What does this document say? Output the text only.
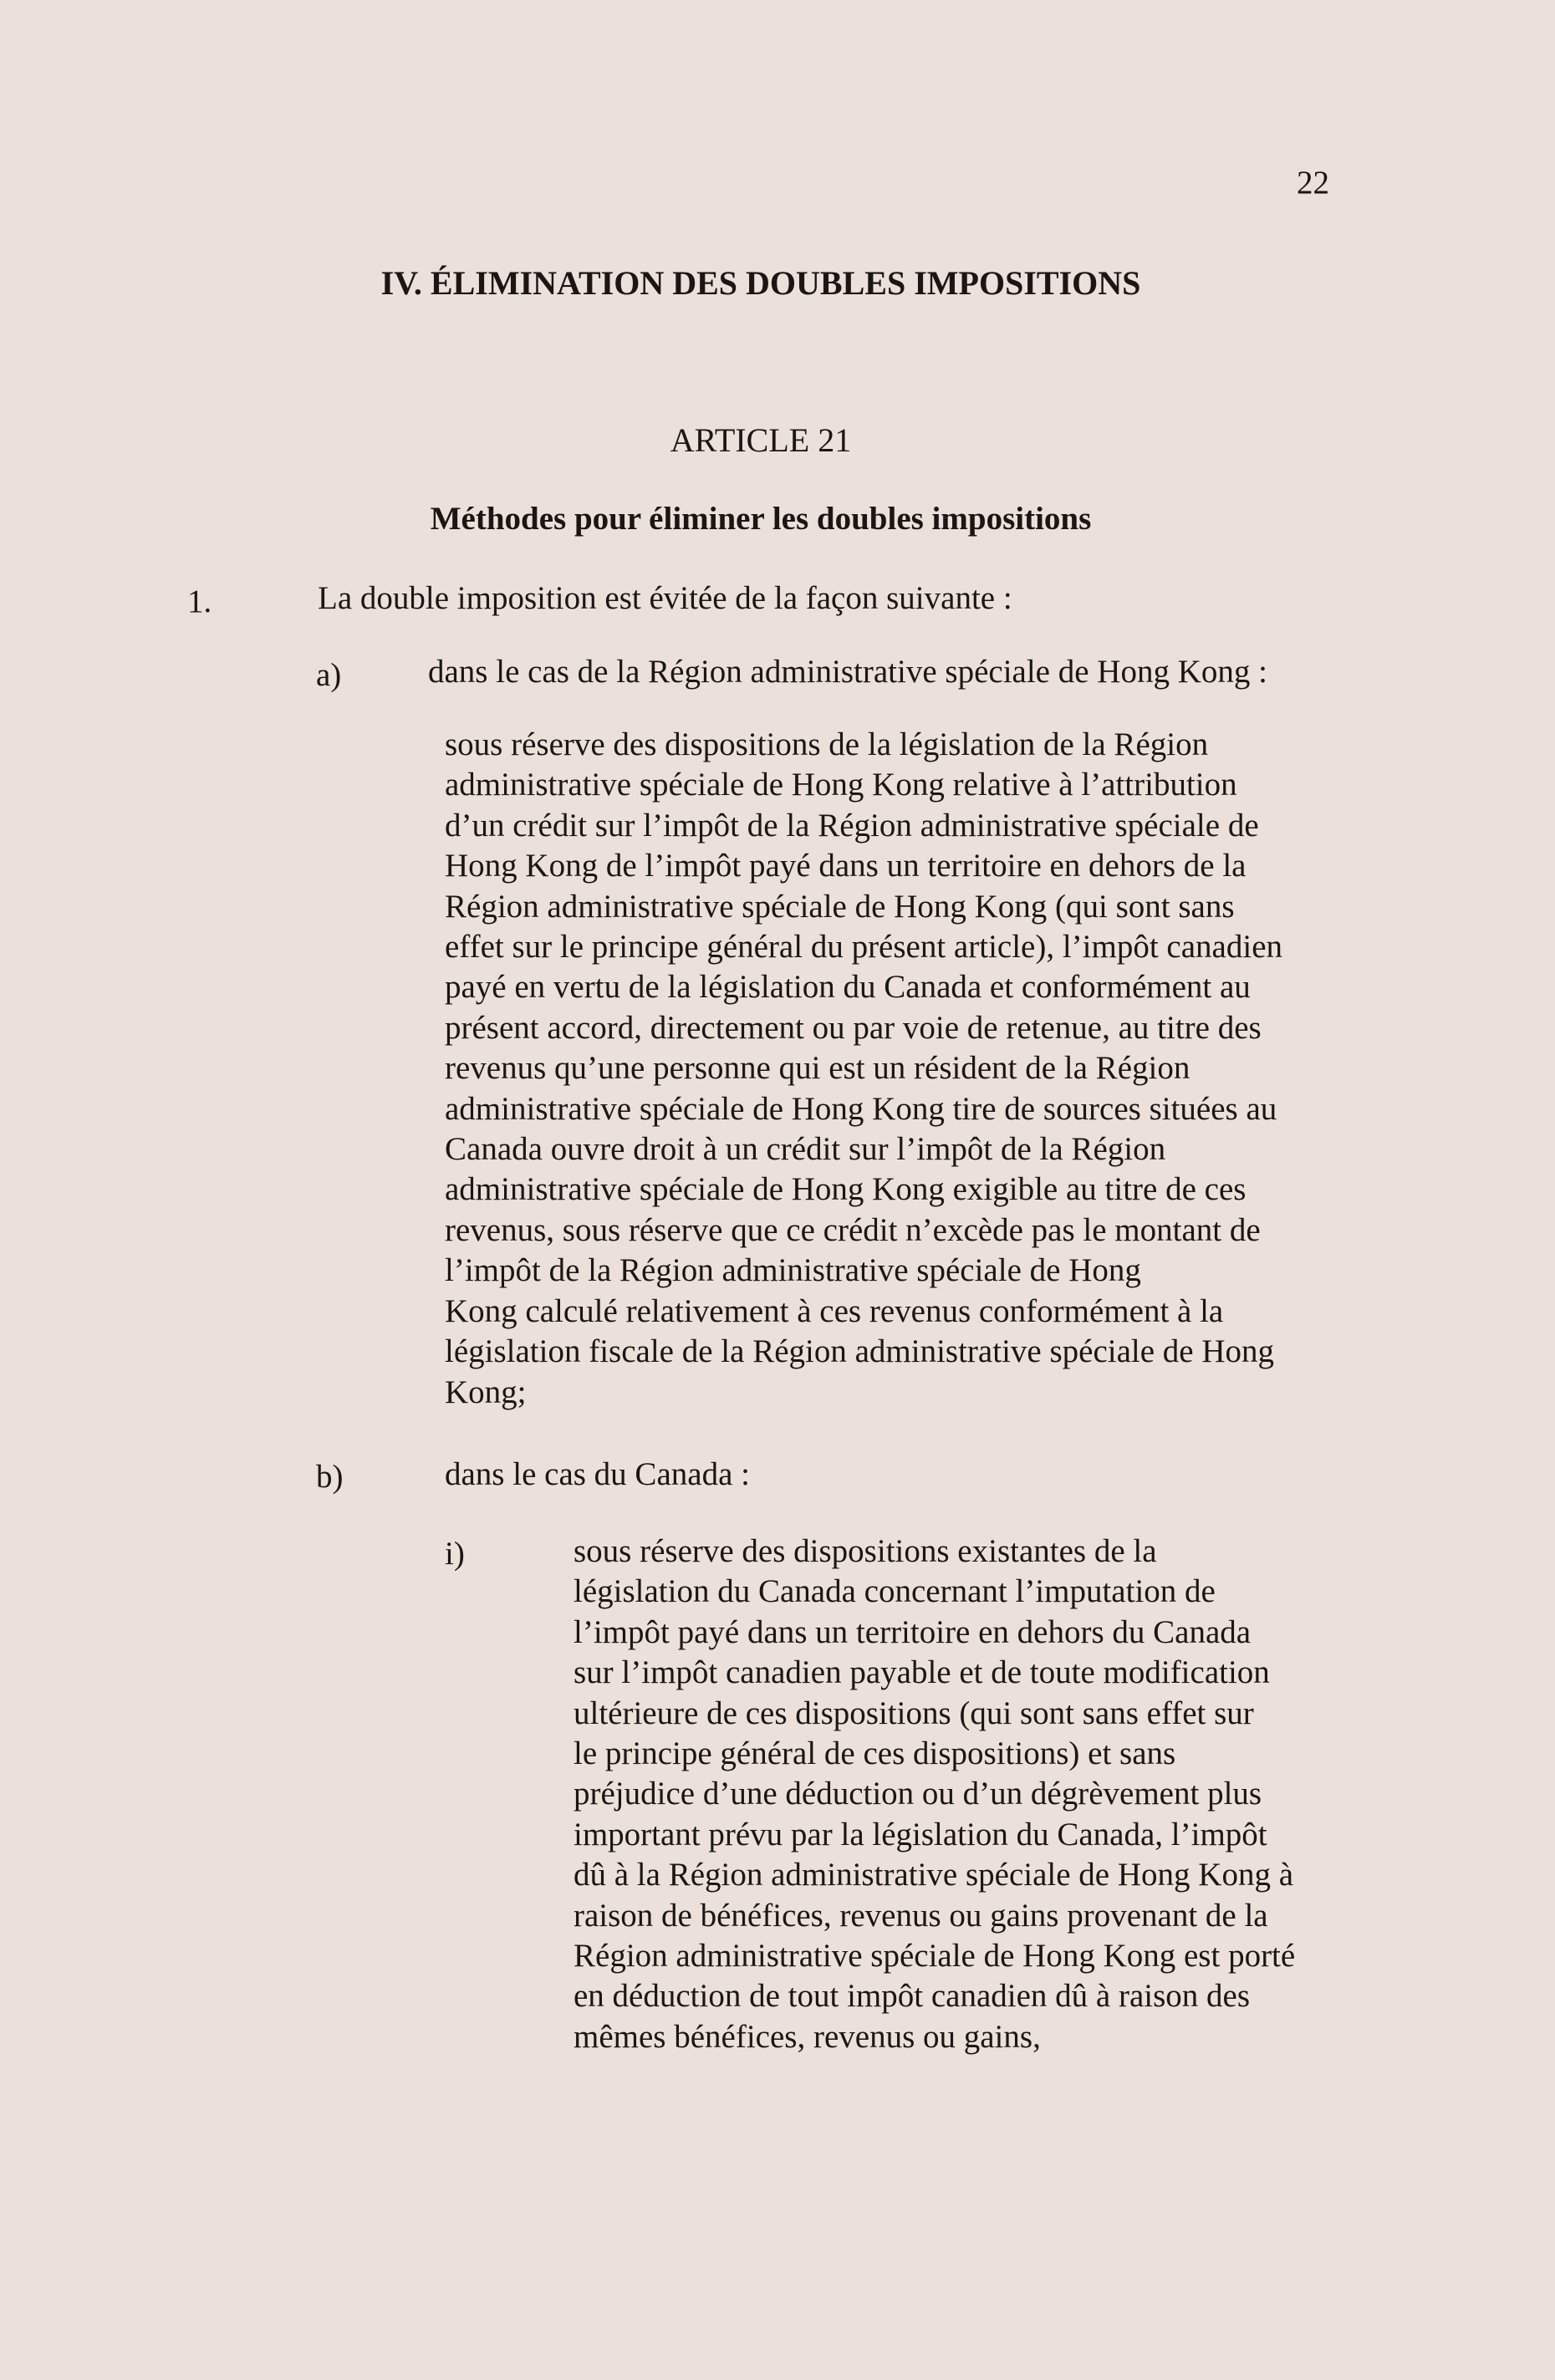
22
IV. ÉLIMINATION DES DOUBLES IMPOSITIONS
ARTICLE 21
Méthodes pour éliminer les doubles impositions
1.	La double imposition est évitée de la façon suivante :
a)	dans le cas de la Région administrative spéciale de Hong Kong :
sous réserve des dispositions de la législation de la Région
administrative spéciale de Hong Kong relative à l’attribution
d’un crédit sur l’impôt de la Région administrative spéciale de
Hong Kong de l’impôt payé dans un territoire en dehors de la
Région administrative spéciale de Hong Kong (qui sont sans
effet sur le principe général du présent article), l’impôt canadien
payé en vertu de la législation du Canada et conformément au
présent accord, directement ou par voie de retenue, au titre des
revenus qu’une personne qui est un résident de la Région
administrative spéciale de Hong Kong tire de sources situées au
Canada ouvre droit à un crédit sur l’impôt de la Région
administrative spéciale de Hong Kong exigible au titre de ces
revenus, sous réserve que ce crédit n’excède pas le montant de
l’impôt de la Région administrative spéciale de Hong
Kong calculé relativement à ces revenus conformément à la
législation fiscale de la Région administrative spéciale de Hong
Kong;
b)	dans le cas du Canada :
i)	sous réserve des dispositions existantes de la
législation du Canada concernant l’imputation de
l’impôt payé dans un territoire en dehors du Canada
sur l’impôt canadien payable et de toute modification
ultérieure de ces dispositions (qui sont sans effet sur
le principe général de ces dispositions) et sans
préjudice d’une déduction ou d’un dégrèvement plus
important prévu par la législation du Canada, l’impôt
dû à la Région administrative spéciale de Hong Kong à
raison de bénéfices, revenus ou gains provenant de la
Région administrative spéciale de Hong Kong est porté
en déduction de tout impôt canadien dû à raison des
mêmes bénéfices, revenus ou gains,
